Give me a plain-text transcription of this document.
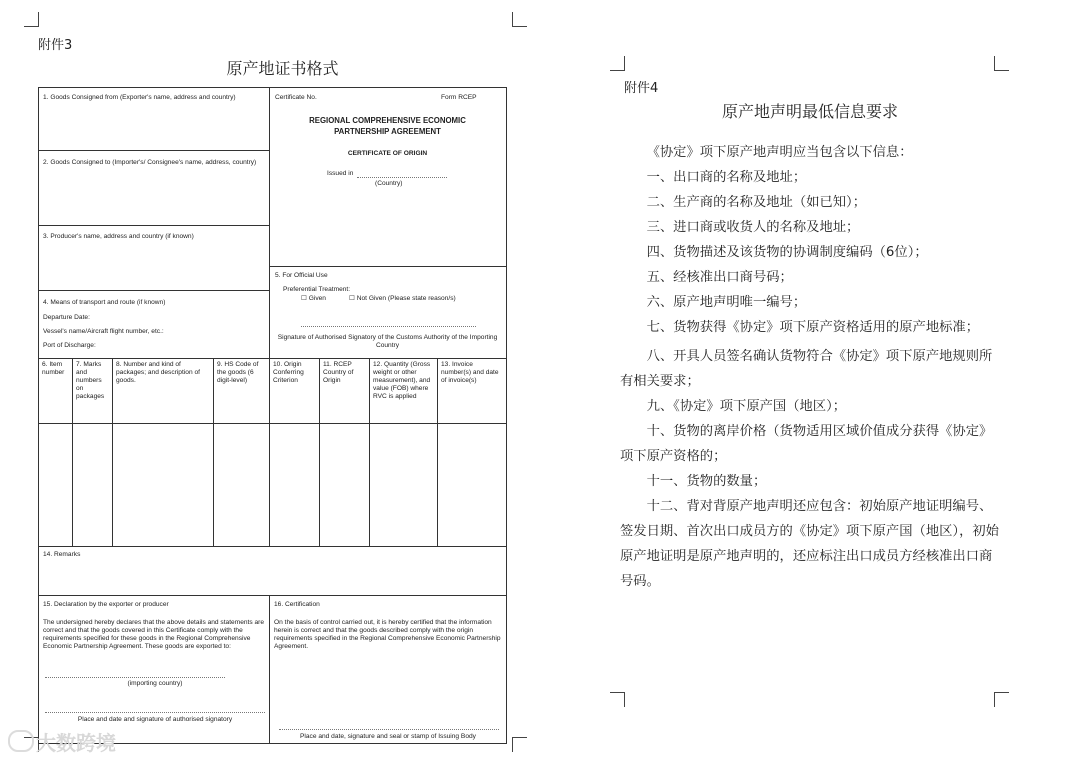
附件3
原产地证书格式
1. Goods Consigned from (Exporter's name, address and country)
2. Goods Consigned to (Importer's/ Consignee's name, address, country)
3. Producer's name, address and country (if known)
4. Means of transport and route (if known)
Departure Date:
Vessel's name/Aircraft flight number, etc.:
Port of Discharge:
Certificate No.	Form RCEP
REGIONAL COMPREHENSIVE ECONOMIC
PARTNERSHIP AGREEMENT
CERTIFICATE OF ORIGIN
Issued in
(Country)
5. For Official Use
Preferential Treatment:
☐ Given	☐ Not Given (Please state reason/s)
Signature of Authorised Signatory of the Customs Authority of the Importing Country
6. Item number
7. Marks and numbers on packages
8. Number and kind of packages; and description of goods.
9. HS Code of the goods (6 digit-level)
10. Origin Conferring Criterion
11. RCEP Country of Origin
12. Quantity (Gross weight or other measurement), and value (FOB) where RVC is applied
13. Invoice number(s) and date of invoice(s)
14. Remarks
15. Declaration by the exporter or producer
The undersigned hereby declares that the above details and statements are correct and that the goods covered in this Certificate comply with the requirements specified for these goods in the Regional Comprehensive Economic Partnership Agreement. These goods are exported to:
(importing country)
Place and date and signature of authorised signatory
16. Certification
On the basis of control carried out, it is hereby certified that the information herein is correct and that the goods described comply with the origin requirements specified in the Regional Comprehensive Economic Partnership Agreement.
Place and date, signature and seal or stamp of Issuing Body
附件4
原产地声明最低信息要求
《协定》项下原产地声明应当包含以下信息：
一、出口商的名称及地址；
二、生产商的名称及地址（如已知）；
三、进口商或收货人的名称及地址；
四、货物描述及该货物的协调制度编码（6位）；
五、经核准出口商号码；
六、原产地声明唯一编号；
七、货物获得《协定》项下原产资格适用的原产地标准；
八、开具人员签名确认货物符合《协定》项下原产地规则所有相关要求；
九、《协定》项下原产国（地区）；
十、货物的离岸价格（货物适用区域价值成分获得《协定》项下原产资格的；
十一、货物的数量；
十二、背对背原产地声明还应包含：初始原产地证明编号、签发日期、首次出口成员方的《协定》项下原产国（地区），初始原产地证明是原产地声明的，还应标注出口成员方经核准出口商号码。
大数跨境
